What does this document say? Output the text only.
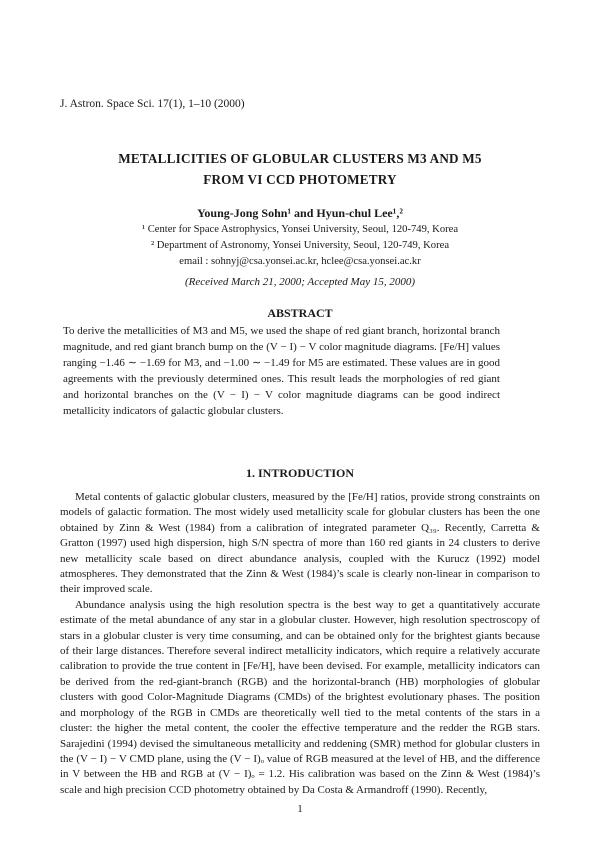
J. Astron. Space Sci. 17(1), 1–10 (2000)
METALLICITIES OF GLOBULAR CLUSTERS M3 AND M5
FROM VI CCD PHOTOMETRY
Young-Jong Sohn¹ and Hyun-chul Lee¹,²
¹ Center for Space Astrophysics, Yonsei University, Seoul, 120-749, Korea
² Department of Astronomy, Yonsei University, Seoul, 120-749, Korea
email : sohnyj@csa.yonsei.ac.kr, hclee@csa.yonsei.ac.kr
(Received March 21, 2000; Accepted May 15, 2000)
ABSTRACT
To derive the metallicities of M3 and M5, we used the shape of red giant branch, horizontal branch magnitude, and red giant branch bump on the (V − I) − V color magnitude diagrams. [Fe/H] values ranging −1.46 ∼ −1.69 for M3, and −1.00 ∼ −1.49 for M5 are estimated. These values are in good agreements with the previously determined ones. This result leads the morphologies of red giant and horizontal branches on the (V − I) − V color magnitude diagrams can be good indirect metallicity indicators of galactic globular clusters.
1. INTRODUCTION

Metal contents of galactic globular clusters, measured by the [Fe/H] ratios, provide strong constraints on models of galactic formation. The most widely used metallicity scale for globular clusters has been the one obtained by Zinn & West (1984) from a calibration of integrated parameter Q₃₉. Recently, Carretta & Gratton (1997) used high dispersion, high S/N spectra of more than 160 red giants in 24 clusters to derive new metallicity scale based on direct abundance analysis, coupled with the Kurucz (1992) model atmospheres. They demonstrated that the Zinn & West (1984)’s scale is clearly non-linear in comparison to their improved scale.

Abundance analysis using the high resolution spectra is the best way to get a quantitatively accurate estimate of the metal abundance of any star in a globular cluster. However, high resolution spectroscopy of stars in a globular cluster is very time consuming, and can be obtained only for the brightest giants because of their large distances. Therefore several indirect metallicity indicators, which require a relatively accurate calibration to provide the true content in [Fe/H], have been devised. For example, metallicity indicators can be derived from the red-giant-branch (RGB) and the horizontal-branch (HB) morphologies of globular clusters with good Color-Magnitude Diagrams (CMDs) of the brightest evolutionary phases. The position and morphology of the RGB in CMDs are theoretically well tied to the metal contents of the stars in a cluster: the higher the metal content, the cooler the effective temperature and the redder the RGB stars. Sarajedini (1994) devised the simultaneous metallicity and reddening (SMR) method for globular clusters in the (V − I) − V CMD plane, using the (V − I)ₒ value of RGB measured at the level of HB, and the difference in V between the HB and RGB at (V − I)ₒ = 1.2. His calibration was based on the Zinn & West (1984)’s scale and high precision CCD photometry obtained by Da Costa & Armandroff (1990). Recently,

1
